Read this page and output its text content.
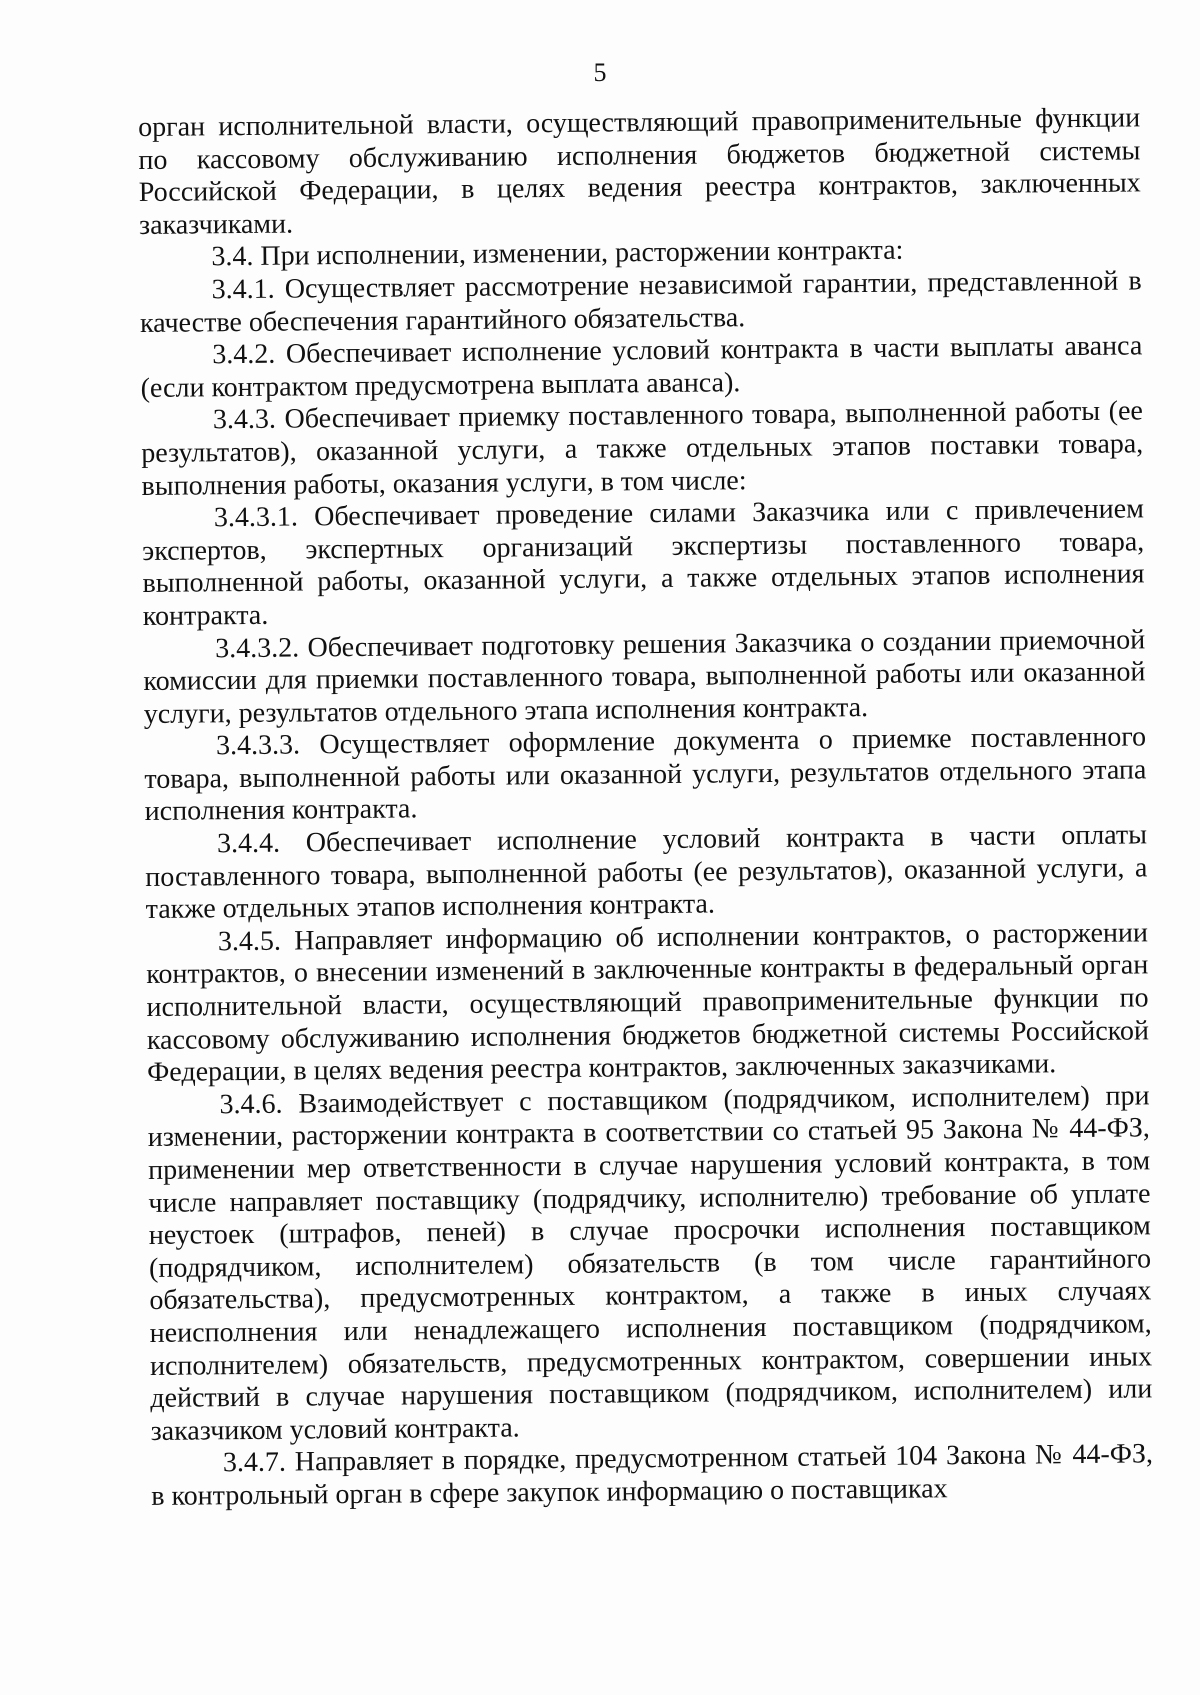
5

орган исполнительной власти, осуществляющий правоприменительные функции по кассовому обслуживанию исполнения бюджетов бюджетной системы Российской Федерации, в целях ведения реестра контрактов, заключенных заказчиками.

3.4. При исполнении, изменении, расторжении контракта:

3.4.1. Осуществляет рассмотрение независимой гарантии, представленной в качестве обеспечения гарантийного обязательства.

3.4.2. Обеспечивает исполнение условий контракта в части выплаты аванса (если контрактом предусмотрена выплата аванса).

3.4.3. Обеспечивает приемку поставленного товара, выполненной работы (ее результатов), оказанной услуги, а также отдельных этапов поставки товара, выполнения работы, оказания услуги, в том числе:

3.4.3.1. Обеспечивает проведение силами Заказчика или с привлечением экспертов, экспертных организаций экспертизы поставленного товара, выполненной работы, оказанной услуги, а также отдельных этапов исполнения контракта.

3.4.3.2. Обеспечивает подготовку решения Заказчика о создании приемочной комиссии для приемки поставленного товара, выполненной работы или оказанной услуги, результатов отдельного этапа исполнения контракта.

3.4.3.3. Осуществляет оформление документа о приемке поставленного товара, выполненной работы или оказанной услуги, результатов отдельного этапа исполнения контракта.

3.4.4. Обеспечивает исполнение условий контракта в части оплаты поставленного товара, выполненной работы (ее результатов), оказанной услуги, а также отдельных этапов исполнения контракта.

3.4.5. Направляет информацию об исполнении контрактов, о расторжении контрактов, о внесении изменений в заключенные контракты в федеральный орган исполнительной власти, осуществляющий правоприменительные функции по кассовому обслуживанию исполнения бюджетов бюджетной системы Российской Федерации, в целях ведения реестра контрактов, заключенных заказчиками.

3.4.6. Взаимодействует с поставщиком (подрядчиком, исполнителем) при изменении, расторжении контракта в соответствии со статьей 95 Закона № 44-ФЗ, применении мер ответственности в случае нарушения условий контракта, в том числе направляет поставщику (подрядчику, исполнителю) требование об уплате неустоек (штрафов, пеней) в случае просрочки исполнения поставщиком (подрядчиком, исполнителем) обязательств (в том числе гарантийного обязательства), предусмотренных контрактом, а также в иных случаях неисполнения или ненадлежащего исполнения поставщиком (подрядчиком, исполнителем) обязательств, предусмотренных контрактом, совершении иных действий в случае нарушения поставщиком (подрядчиком, исполнителем) или заказчиком условий контракта.

3.4.7. Направляет в порядке, предусмотренном статьей 104 Закона № 44-ФЗ, в контрольный орган в сфере закупок информацию о поставщиках
